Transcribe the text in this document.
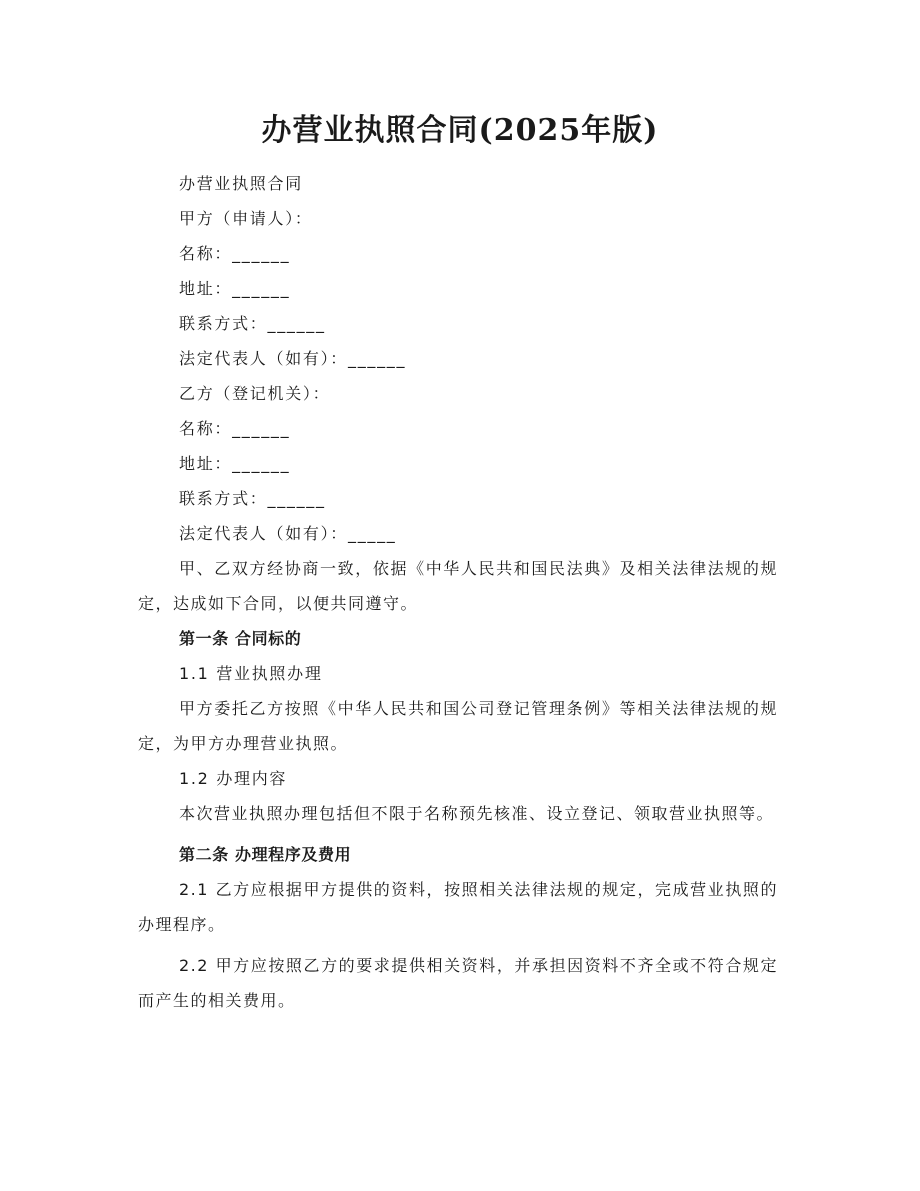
办营业执照合同(2025年版)
办营业执照合同
甲方（申请人）：
名称：______
地址：______
联系方式：______
法定代表人（如有）：______
乙方（登记机关）：
名称：______
地址：______
联系方式：______
法定代表人（如有）：_____
甲、乙双方经协商一致，依据《中华人民共和国民法典》及相关法律法规的规定，达成如下合同，以便共同遵守。
第一条 合同标的
1.1 营业执照办理
甲方委托乙方按照《中华人民共和国公司登记管理条例》等相关法律法规的规定，为甲方办理营业执照。
1.2 办理内容
本次营业执照办理包括但不限于名称预先核准、设立登记、领取营业执照等。
第二条 办理程序及费用
2.1 乙方应根据甲方提供的资料，按照相关法律法规的规定，完成营业执照的办理程序。
2.2 甲方应按照乙方的要求提供相关资料，并承担因资料不齐全或不符合规定而产生的相关费用。
